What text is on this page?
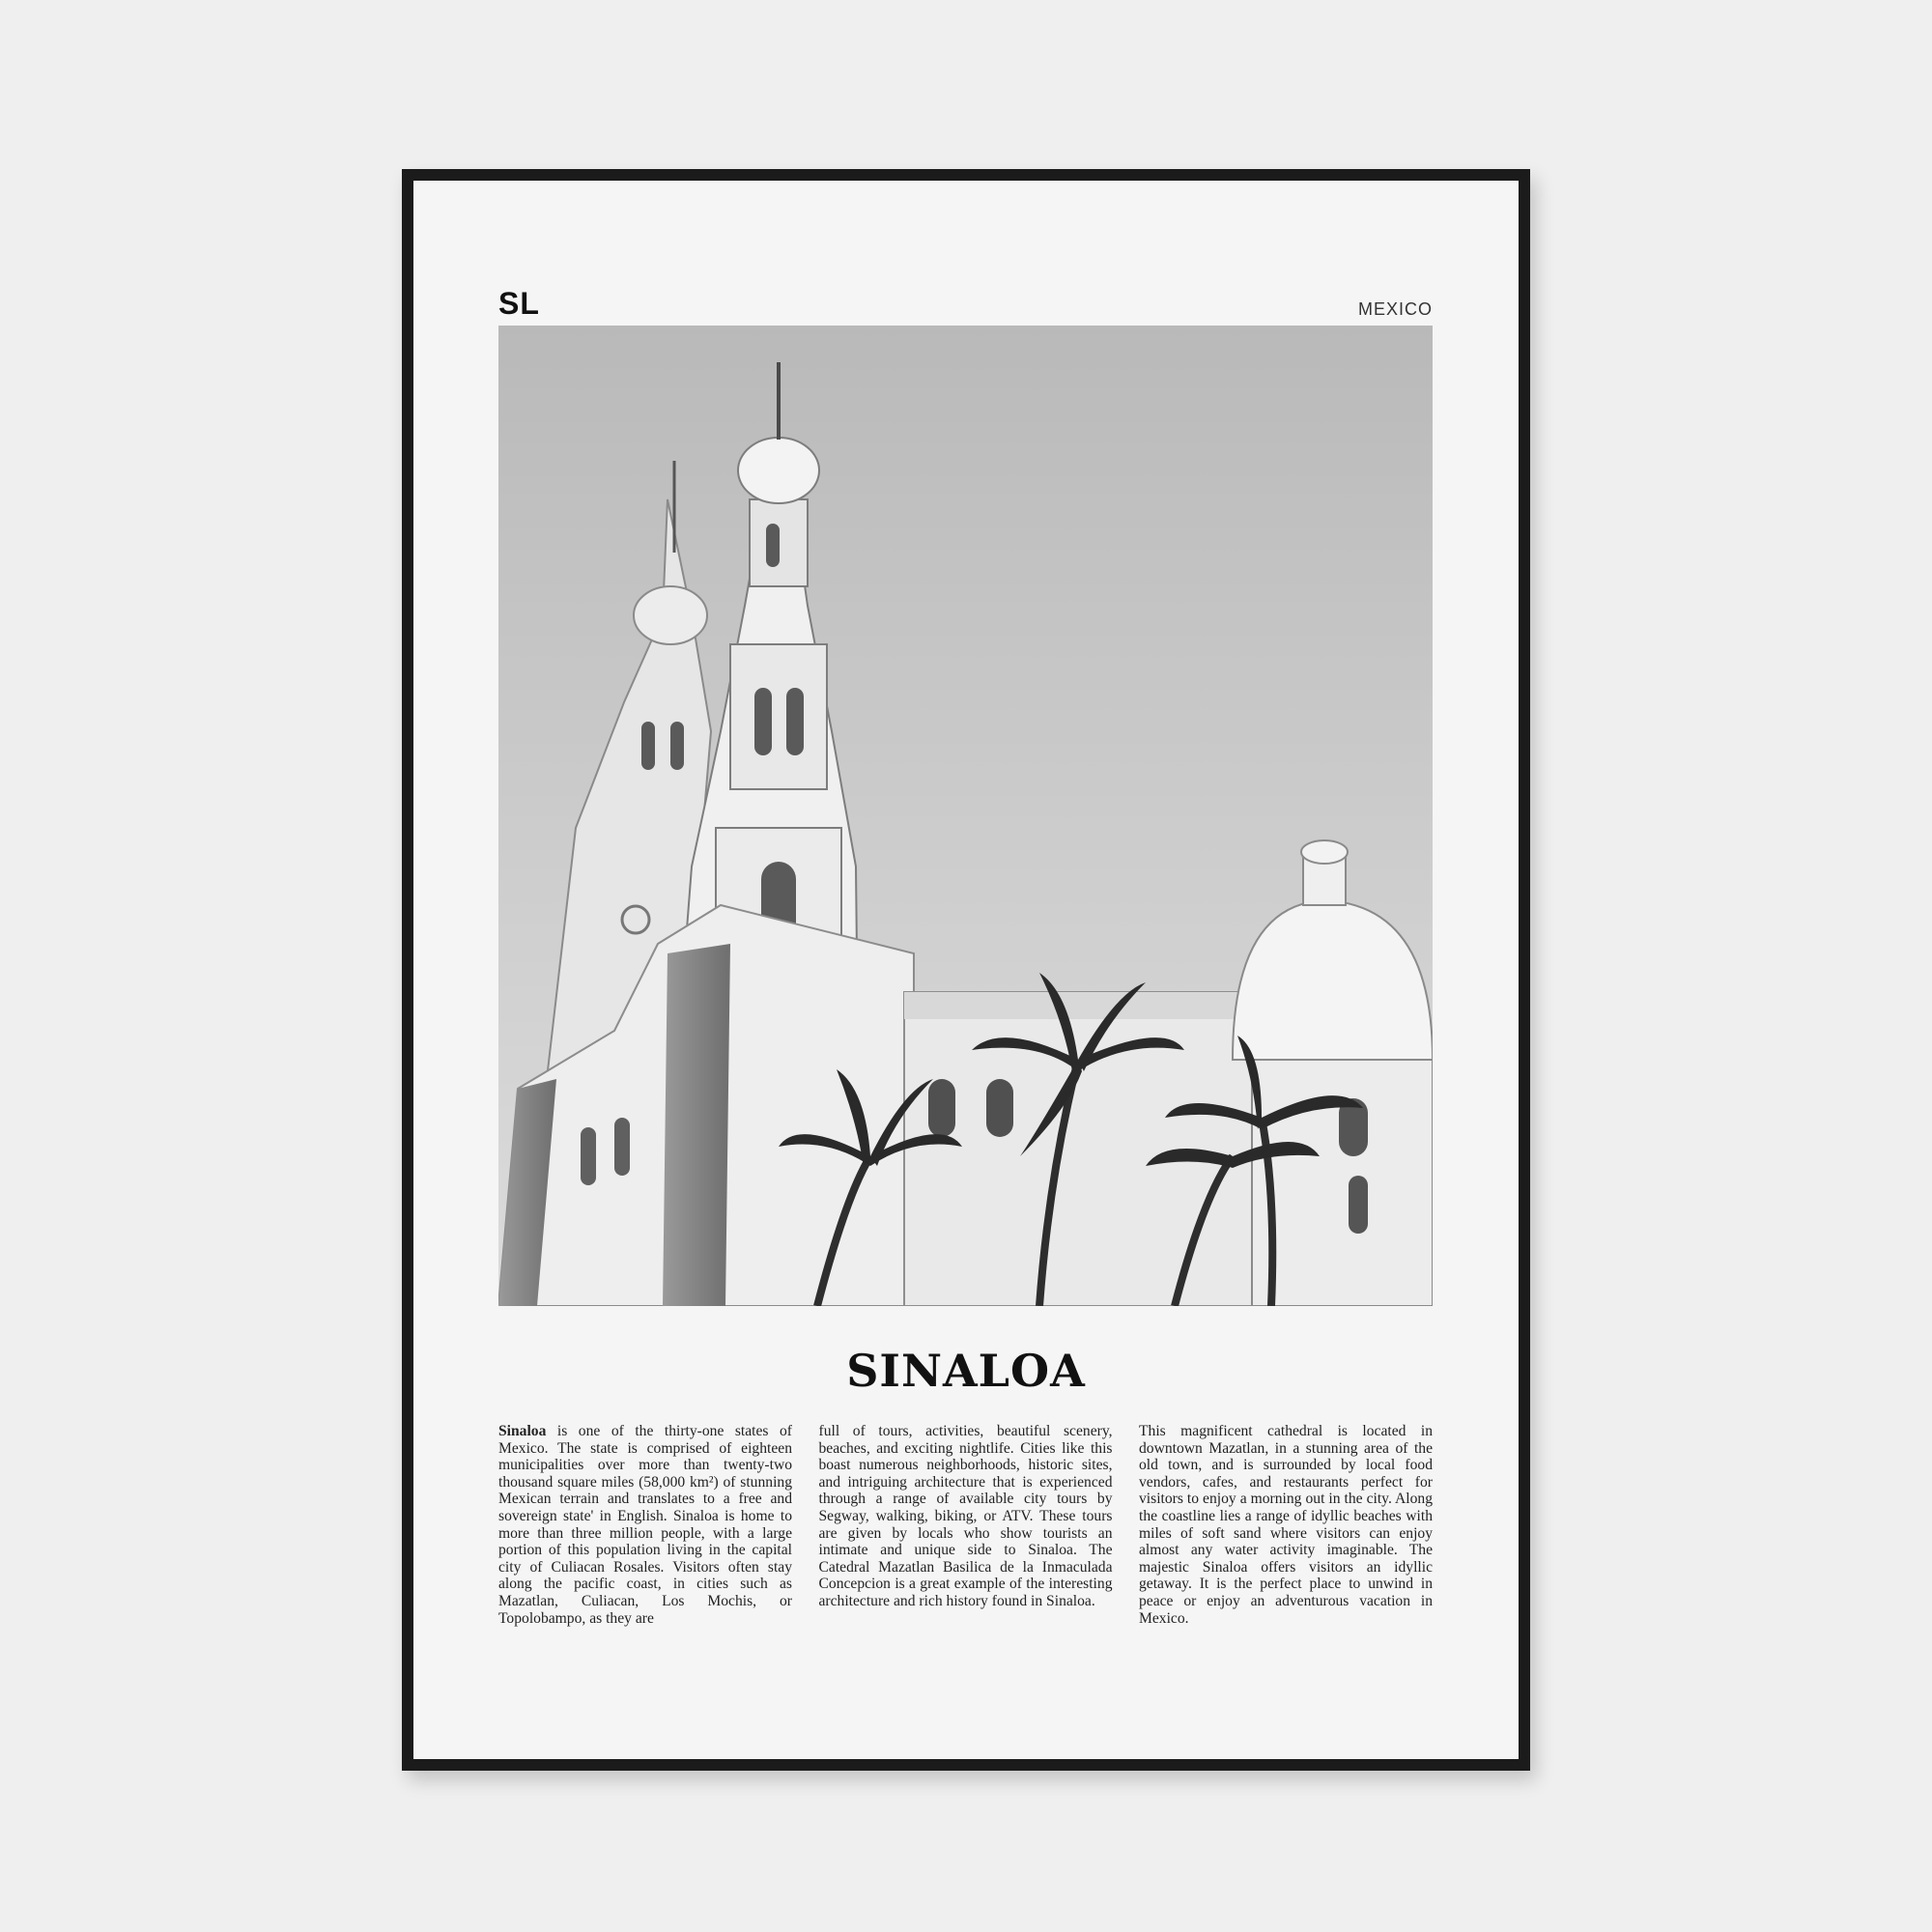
SL	MEXICO
SINALOA
Sinaloa is one of the thirty-one states of Mexico. The state is comprised of eighteen municipalities over more than twenty-two thousand square miles (58,000 km²) of stunning Mexican terrain and translates to a free and sovereign state' in English. Sinaloa is home to more than three million people, with a large portion of this population living in the capital city of Culiacan Rosales. Visitors often stay along the pacific coast, in cities such as Mazatlan, Culiacan, Los Mochis, or Topolobampo, as they are
full of tours, activities, beautiful scenery, beaches, and exciting nightlife. Cities like this boast numerous neighborhoods, historic sites, and intriguing architecture that is experienced through a range of available city tours by Segway, walking, biking, or ATV. These tours are given by locals who show tourists an intimate and unique side to Sinaloa. The Catedral Mazatlan Basilica de la Inmaculada Concepcion is a great example of the interesting architecture and rich history found in Sinaloa.
This magnificent cathedral is located in downtown Mazatlan, in a stunning area of the old town, and is surrounded by local food vendors, cafes, and restaurants perfect for visitors to enjoy a morning out in the city. Along the coastline lies a range of idyllic beaches with miles of soft sand where visitors can enjoy almost any water activity imaginable. The majestic Sinaloa offers visitors an idyllic getaway. It is the perfect place to unwind in peace or enjoy an adventurous vacation in Mexico.
